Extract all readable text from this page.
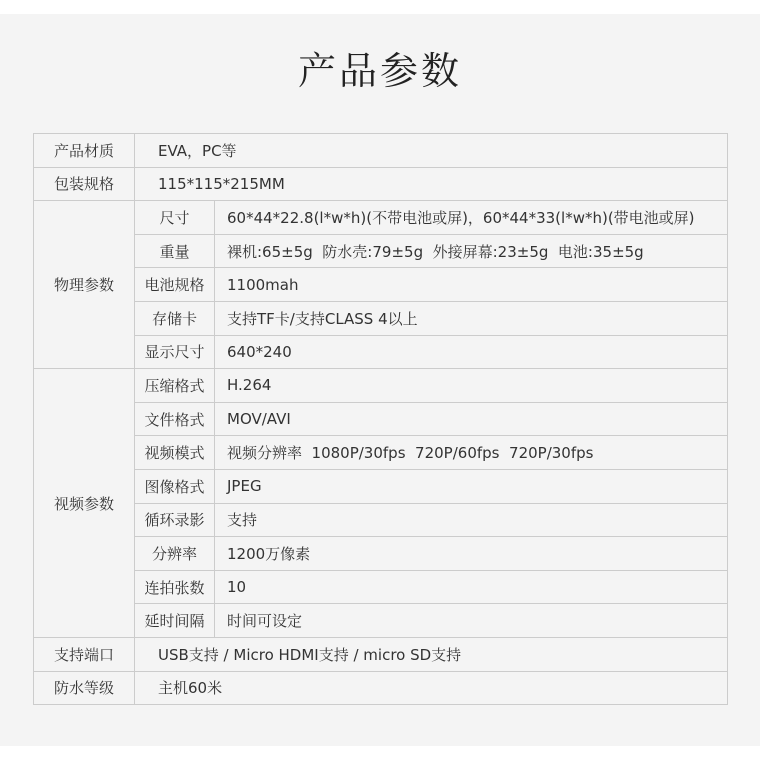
产品参数
产品材质	EVA，PC等	
包装规格	115*115*215MM	
物理参数	尺寸	60*44*22.8(l*w*h)(不带电池或屏)，60*44*33(l*w*h)(带电池或屏)
	重量	裸机:65±5g  防水壳:79±5g  外接屏幕:23±5g  电池:35±5g
	电池规格	1100mah
	存储卡	支持TF卡/支持CLASS 4以上
	显示尺寸	640*240
视频参数	压缩格式	H.264
	文件格式	MOV/AVI
	视频模式	视频分辨率  1080P/30fps  720P/60fps  720P/30fps
	图像格式	JPEG
	循环录影	支持
	分辨率	1200万像素
	连拍张数	10
	延时间隔	时间可设定
支持端口	USB支持 / Micro HDMI支持 / micro SD支持	
防水等级	主机60米	
